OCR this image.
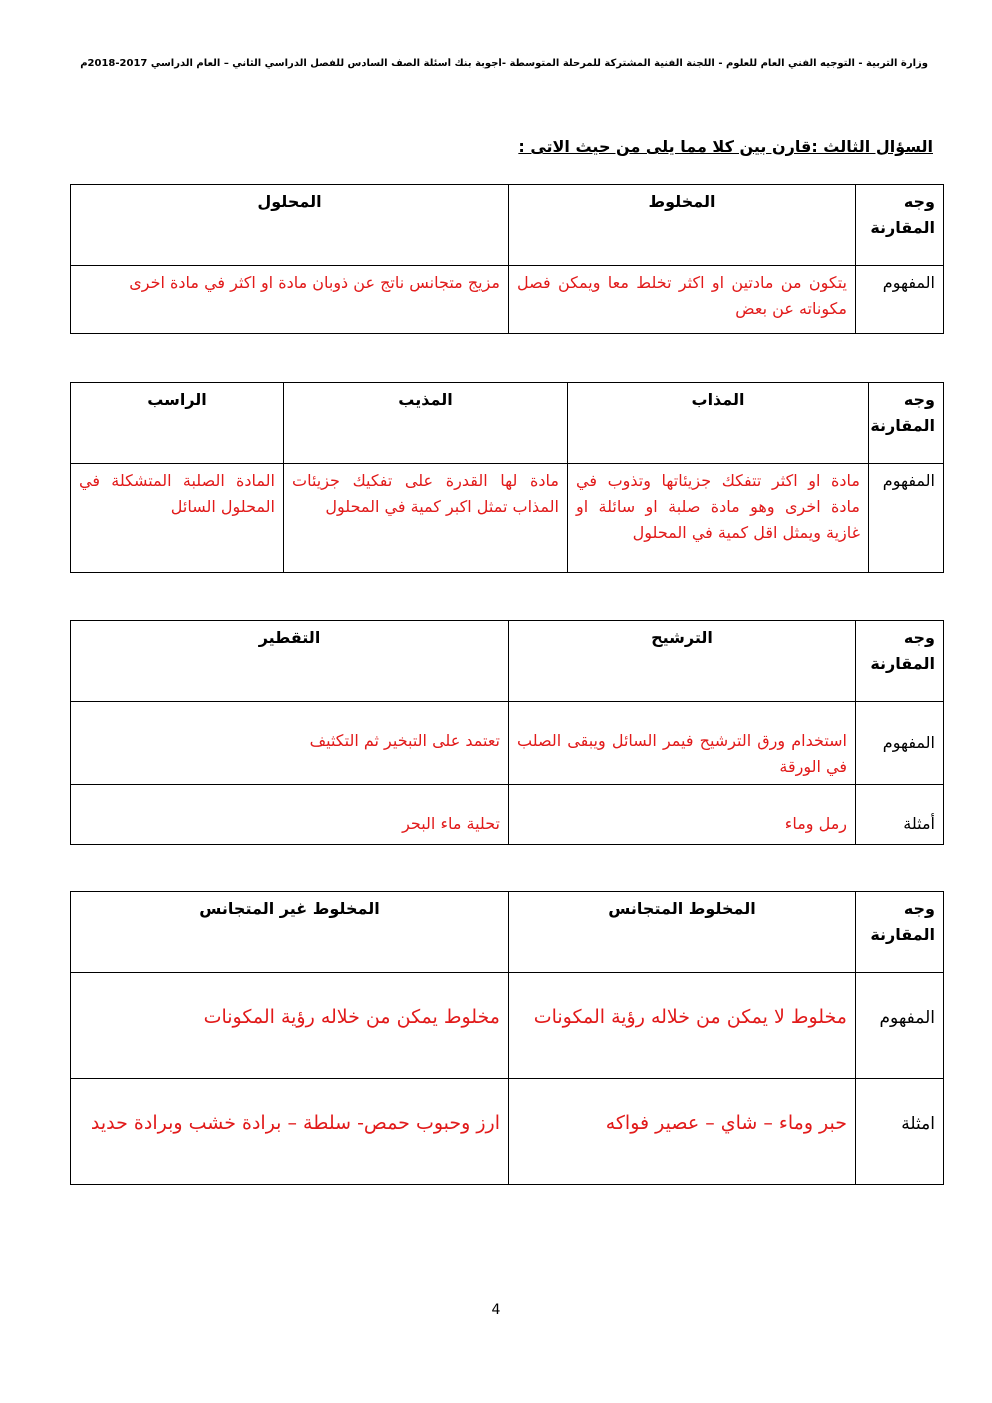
وزارة التربية - التوجيه الفني العام للعلوم - اللجنة الفنية المشتركة للمرحلة المتوسطة -أجوبة بنك أسئلة الصف السادس للفصل الدراسي الثاني – العام الدراسي 2017-2018م
السؤال الثالث :قارن بين كلا مما يلى من حيث الاتى :
وجه المقارنة	المخلوط	المحلول
المفهوم	يتكون من مادتين او اكثر تخلط معا ويمكن فصل مكوناته عن بعض	مزيج متجانس ناتج عن ذوبان مادة او اكثر في مادة اخرى
وجه المقارنة	المذاب	المذيب	الراسب
المفهوم	مادة او اكثر تتفكك جزيئاتها وتذوب في مادة اخرى وهو مادة صلبة او سائلة او غازية ويمثل اقل كمية في المحلول	مادة لها القدرة على تفكيك جزيئات المذاب تمثل اكبر كمية في المحلول	المادة الصلبة المتشكلة في المحلول السائل
وجه المقارنة	الترشيح	التقطير
المفهوم	استخدام ورق الترشيح فيمر السائل ويبقى الصلب في الورقة	تعتمد على التبخير ثم التكثيف
أمثلة	رمل وماء	تحلية ماء البحر
وجه المقارنة	المخلوط المتجانس	المخلوط غير المتجانس
المفهوم	مخلوط لا يمكن من خلاله رؤية المكونات	مخلوط يمكن من خلاله رؤية المكونات
امثلة	حبر وماء – شاي – عصير فواكه	ارز وحبوب حمص- سلطة – برادة خشب وبرادة حديد
4
